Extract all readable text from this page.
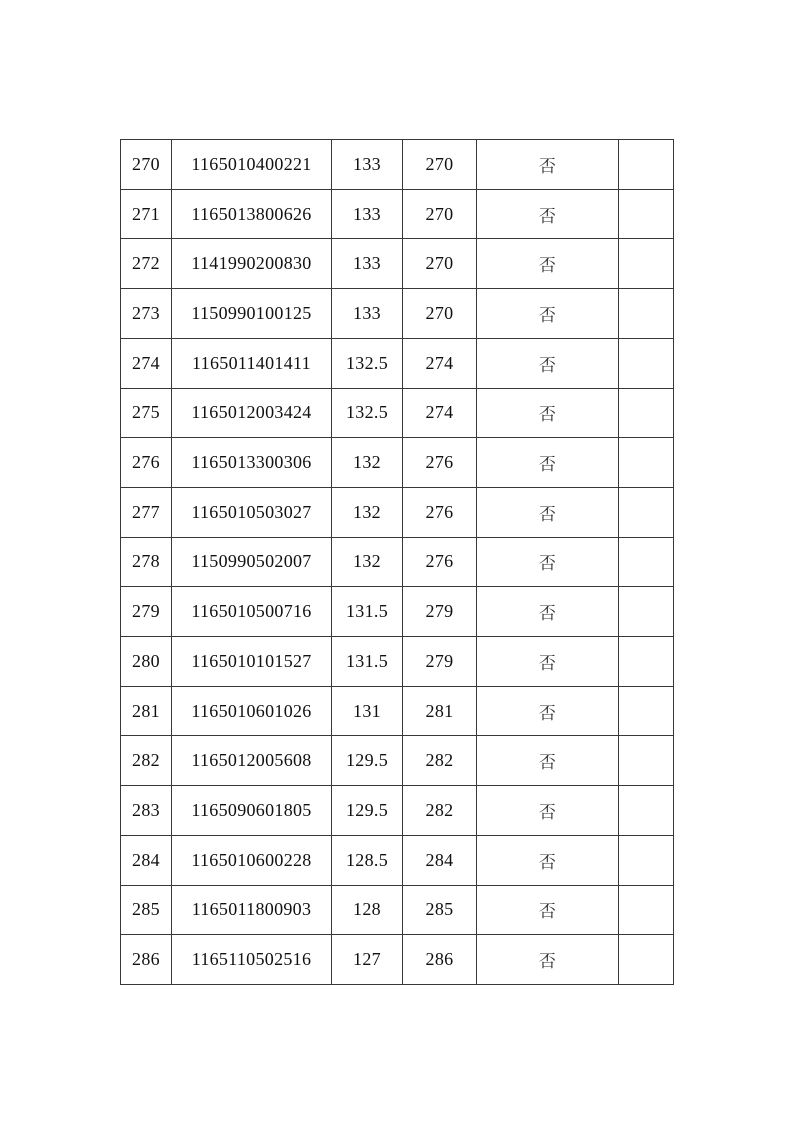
270	1165010400221	133	270	否	
271	1165013800626	133	270	否	
272	1141990200830	133	270	否	
273	1150990100125	133	270	否	
274	1165011401411	132.5	274	否	
275	1165012003424	132.5	274	否	
276	1165013300306	132	276	否	
277	1165010503027	132	276	否	
278	1150990502007	132	276	否	
279	1165010500716	131.5	279	否	
280	1165010101527	131.5	279	否	
281	1165010601026	131	281	否	
282	1165012005608	129.5	282	否	
283	1165090601805	129.5	282	否	
284	1165010600228	128.5	284	否	
285	1165011800903	128	285	否	
286	1165110502516	127	286	否	
